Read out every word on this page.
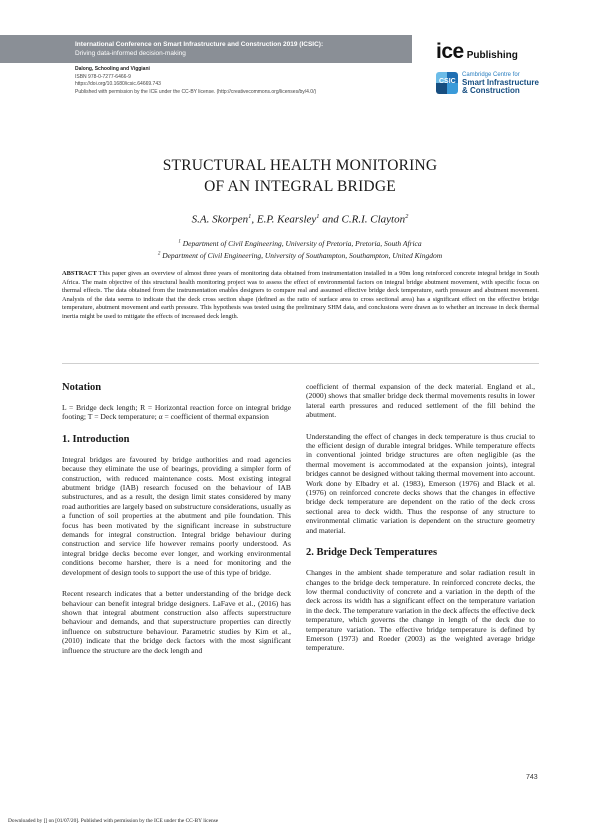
International Conference on Smart Infrastructure and Construction 2019 (ICSIC):
Driving data-informed decision-making
Dalong, Schooling and Viggiani
ISBN 978-0-7277-6466-9
https://doi.org/10.1680/icsic.64669.743
Published with permission by the ICE under the CC-BY license. (http://creativecommons.org/licenses/by/4.0/)
ice Publishing
CSIC
Cambridge Centre for
Smart Infrastructure
& Construction
STRUCTURAL HEALTH MONITORING
OF AN INTEGRAL BRIDGE
S.A. Skorpen$^1$, E.P. Kearsley$^1$ and C.R.I. Clayton$^2$
$^1$ Department of Civil Engineering, University of Pretoria, Pretoria, South Africa
$^2$ Department of Civil Engineering, University of Southampton, Southampton, United Kingdom
ABSTRACT This paper gives an overview of almost three years of monitoring data obtained from instrumentation installed in a 90m long reinforced concrete integral bridge in South Africa. The main objective of this structural health monitoring project was to assess the effect of environmental factors on integral bridge abutment movement, with specific focus on thermal effects. The data obtained from the instrumentation enables designers to compare real and assumed effective bridge deck temperature, earth pressure and abutment movement. Analysis of the data seems to indicate that the deck cross section shape (defined as the ratio of surface area to cross sectional area) has a significant effect on the effective bridge temperature, abutment movement and earth pressure. This hypothesis was tested using the preliminary SHM data, and conclusions were drawn as to whether an increase in deck thermal inertia might be used to mitigate the effects of increased deck length.
Notation

L = Bridge deck length; R = Horizontal reaction force on integral bridge footing; T = Deck temperature; α = coefficient of thermal expansion

1. Introduction

Integral bridges are favoured by bridge authorities and road agencies because they eliminate the use of bearings, providing a simpler form of construction, with reduced maintenance costs. Most existing integral abutment bridge (IAB) research focused on the behaviour of IAB substructures, and as a result, the design limit states considered by many road authorities are largely based on substructure considerations, usually as a function of soil properties at the abutment and pile foundation. This focus has been motivated by the significant increase in substructure demands for integral construction. Integral bridge behaviour during construction and service life however remains poorly understood. As integral bridge decks become ever longer, and working environmental conditions become harsher, there is a need for monitoring and the development of design tools to support the use of this type of bridge.

Recent research indicates that a better understanding of the bridge deck behaviour can benefit integral bridge designers. LaFave et al., (2016) has shown that integral abutment construction also affects superstructure behaviour and demands, and that superstructure properties can directly influence on substructure behaviour. Parametric studies by Kim et al., (2010) indicate that the bridge deck factors with the most significant influence the structure are the deck length and

coefficient of thermal expansion of the deck material. England et al., (2000) shows that smaller bridge deck thermal movements results in lower lateral earth pressures and reduced settlement of the fill behind the abutment.

Understanding the effect of changes in deck temperature is thus crucial to the efficient design of durable integral bridges. While temperature effects in conventional jointed bridge structures are often negligible (as the thermal movement is accommodated at the expansion joints), integral bridges cannot be designed without taking thermal movement into account. Work done by Elbadry et al. (1983), Emerson (1976) and Black et al. (1976) on reinforced concrete decks shows that the changes in effective bridge deck temperature are dependent on the ratio of the deck cross sectional area to deck width. Thus the response of any structure to environmental climatic variation is dependent on the structure geometry and material.

2. Bridge Deck Temperatures

Changes in the ambient shade temperature and solar radiation result in changes to the bridge deck temperature. In reinforced concrete decks, the low thermal conductivity of concrete and a variation in the depth of the deck across its width has a significant effect on the temperature variation in the deck. The temperature variation in the deck affects the effective deck temperature, which governs the change in length of the deck due to temperature variation. The effective bridge temperature is defined by Emerson (1973) and Roeder (2003) as the weighted average bridge temperature.

743
Downloaded by [] on [01/07/20]. Published with permission by the ICE under the CC-BY license
